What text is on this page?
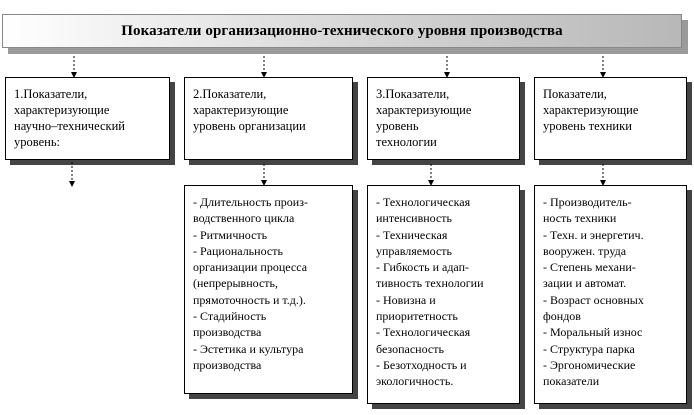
Показатели организационно-технического уровня производства
1.Показатели,
характеризующие
научно–технический
уровень:
2.Показатели,
характеризующие
уровень организации
3.Показатели,
характеризующие
уровень
технологии
Показатели,
характеризующие
уровень техники
- Длительность произ-
водственного цикла
- Ритмичность
- Рациональность
организации процесса
(непрерывность,
прямоточность и т.д.).
- Стадийность
производства
- Эстетика и культура
производства
- Технологическая
интенсивность
- Техническая
управляемость
- Гибкость и адап-
тивность технологии
- Новизна и
приоритетность
- Технологическая
безопасность
- Безотходность и
экологичность.
- Производитель-
ность техники
- Техн. и энергетич.
вооружен. труда
- Степень механи-
зации и автомат.
- Возраст основных
фондов
- Моральный износ
- Структура парка
- Эргономические
показатели
